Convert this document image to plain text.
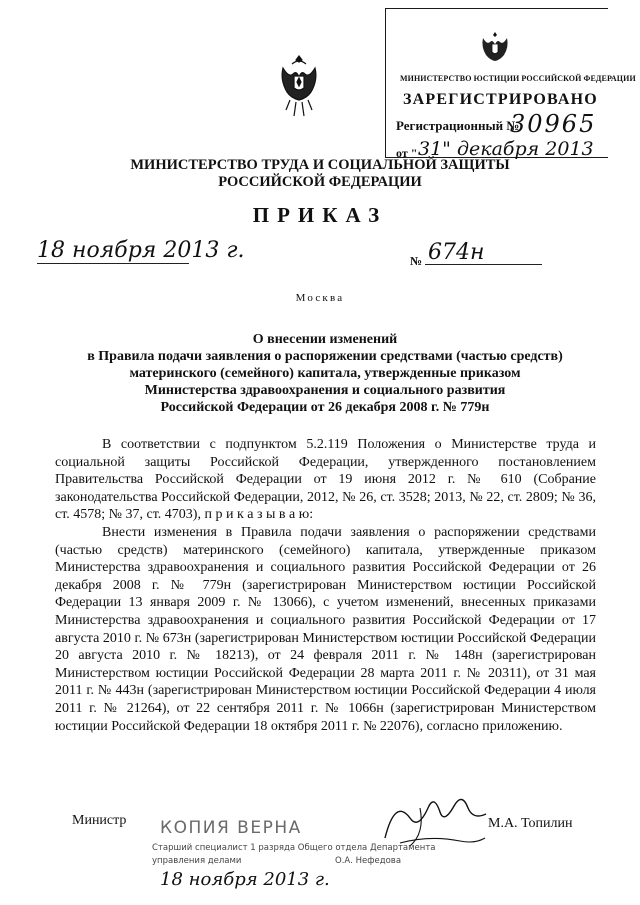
МИНИСТЕРСТВО ЮСТИЦИИ РОССИЙСКОЙ ФЕДЕРАЦИИ
ЗАРЕГИСТРИРОВАНО
Регистрационный №
30965
от " 31" декабря 2013
МИНИСТЕРСТВО ТРУДА И СОЦИАЛЬНОЙ ЗАЩИТЫ
РОССИЙСКОЙ ФЕДЕРАЦИИ
ПРИКАЗ
18 ноября 2013 г.	№ 674н
Москва
О внесении изменений
в Правила подачи заявления о распоряжении средствами (частью средств)
материнского (семейного) капитала, утвержденные приказом
Министерства здравоохранения и социального развития
Российской Федерации от 26 декабря 2008 г. № 779н

В соответствии с подпунктом 5.2.119 Положения о Министерстве труда и социальной защиты Российской Федерации, утвержденного постановлением Правительства Российской Федерации от 19 июня 2012 г. № 610 (Собрание законодательства Российской Федерации, 2012, № 26, ст. 3528; 2013, № 22, ст. 2809; № 36, ст. 4578; № 37, ст. 4703), п р и к а з ы в а ю:

Внести изменения в Правила подачи заявления о распоряжении средствами (частью средств) материнского (семейного) капитала, утвержденные приказом Министерства здравоохранения и социального развития Российской Федерации от 26 декабря 2008 г. № 779н (зарегистрирован Министерством юстиции Российской Федерации 13 января 2009 г. № 13066), с учетом изменений, внесенных приказами Министерства здравоохранения и социального развития Российской Федерации от 17 августа 2010 г. № 673н (зарегистрирован Министерством юстиции Российской Федерации 20 августа 2010 г. № 18213), от 24 февраля 2011 г. № 148н (зарегистрирован Министерством юстиции Российской Федерации 28 марта 2011 г. № 20311), от 31 мая 2011 г. № 443н (зарегистрирован Министерством юстиции Российской Федерации 4 июля 2011 г. № 21264), от 22 сентября 2011 г. № 1066н (зарегистрирован Министерством юстиции Российской Федерации 18 октября 2011 г. № 22076), согласно приложению.

Министр	М.А. Топилин
КОПИЯ ВЕРНА
Старший специалист 1 разряда Общего отдела Департамента
управления делами	О.А. Нефедова
18 ноября 2013 г.
